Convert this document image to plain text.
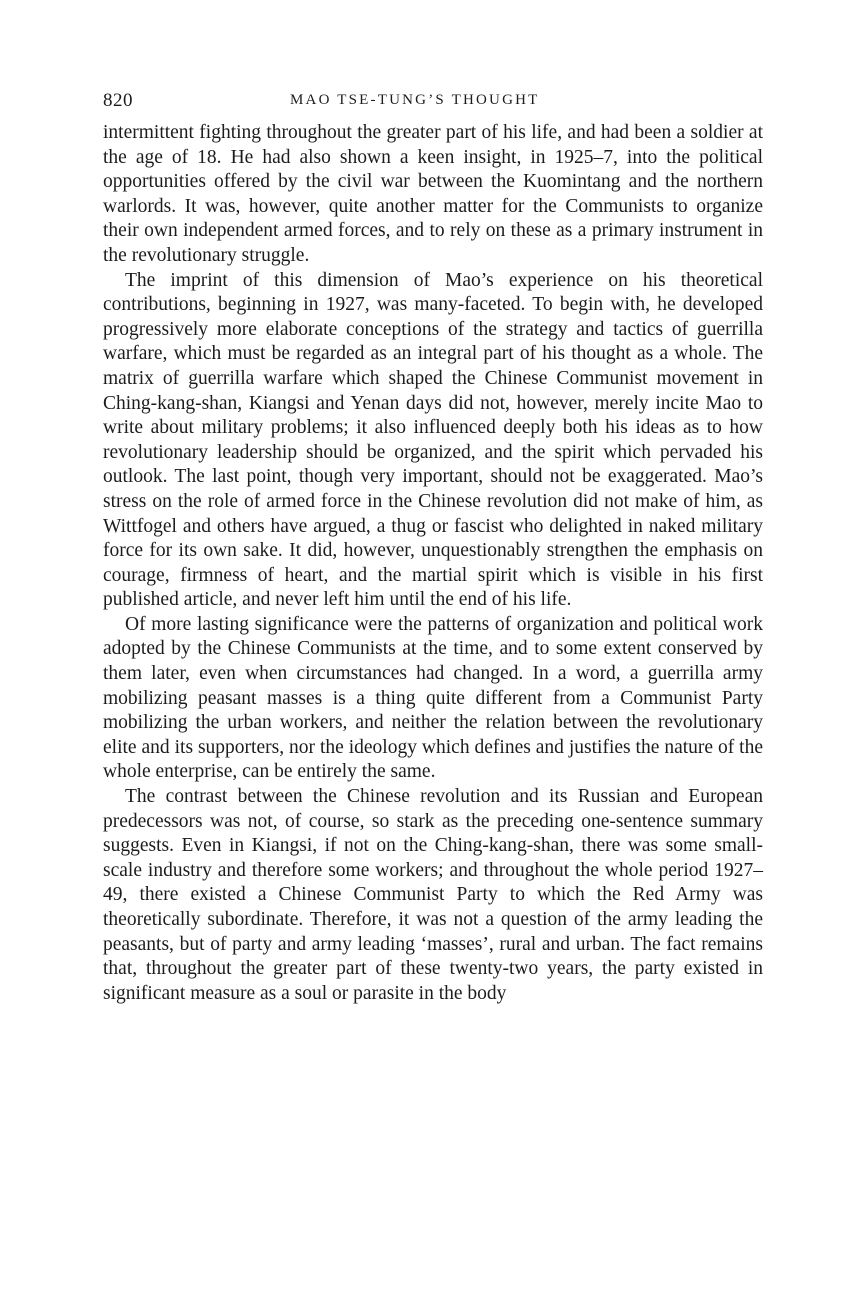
820	MAO TSE-TUNG’S THOUGHT

intermittent fighting throughout the greater part of his life, and had been a soldier at the age of 18. He had also shown a keen insight, in 1925–7, into the political opportunities offered by the civil war between the Kuomintang and the northern warlords. It was, however, quite another matter for the Communists to organize their own independent armed forces, and to rely on these as a primary instrument in the revolutionary struggle.

The imprint of this dimension of Mao’s experience on his theoretical contributions, beginning in 1927, was many-faceted. To begin with, he developed progressively more elaborate conceptions of the strategy and tactics of guerrilla warfare, which must be regarded as an integral part of his thought as a whole. The matrix of guerrilla warfare which shaped the Chinese Communist movement in Ching-kang-shan, Kiangsi and Yenan days did not, however, merely incite Mao to write about military problems; it also influenced deeply both his ideas as to how revolutionary leadership should be organized, and the spirit which pervaded his outlook. The last point, though very important, should not be exaggerated. Mao’s stress on the role of armed force in the Chinese revolution did not make of him, as Wittfogel and others have argued, a thug or fascist who delighted in naked military force for its own sake. It did, however, unquestionably strengthen the emphasis on courage, firmness of heart, and the martial spirit which is visible in his first published article, and never left him until the end of his life.

Of more lasting significance were the patterns of organization and political work adopted by the Chinese Communists at the time, and to some extent conserved by them later, even when circumstances had changed. In a word, a guerrilla army mobilizing peasant masses is a thing quite different from a Communist Party mobilizing the urban workers, and neither the relation between the revolutionary elite and its supporters, nor the ideology which defines and justifies the nature of the whole enterprise, can be entirely the same.

The contrast between the Chinese revolution and its Russian and European predecessors was not, of course, so stark as the preceding one-sentence summary suggests. Even in Kiangsi, if not on the Ching-kang-shan, there was some small-scale industry and therefore some workers; and throughout the whole period 1927–49, there existed a Chinese Communist Party to which the Red Army was theoretically subordinate. Therefore, it was not a question of the army leading the peasants, but of party and army leading ‘masses’, rural and urban. The fact remains that, throughout the greater part of these twenty-two years, the party existed in significant measure as a soul or parasite in the body
